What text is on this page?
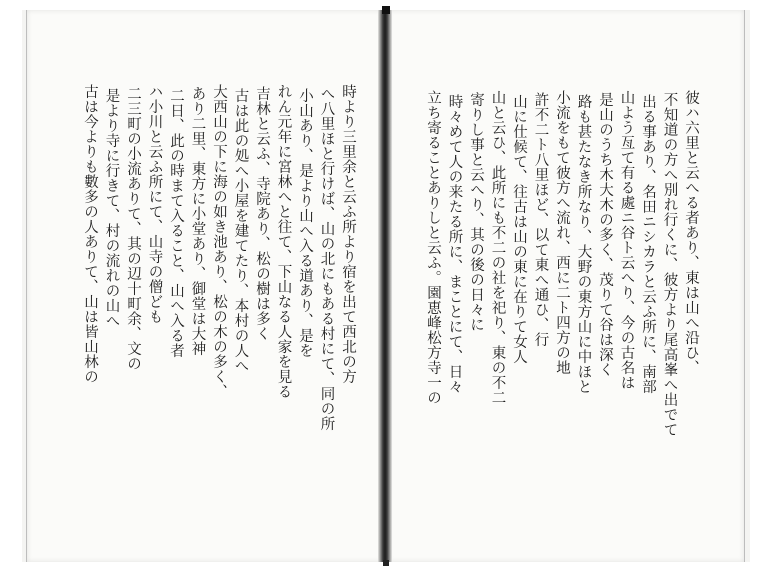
時より三里余と云ふ所より宿を出て西北の方
へ八里ほと行けば、山の北にもある村にて、同の所
小山あり、是より山へ入る道あり、是を
れん元年に宮林へと往て、下山なる人家を見る
吉林と云ふ、寺院あり、松の樹は多く
古は此の処へ小屋を建てたり、本村の人へ
大西山の下に海の如き池あり、松の木の多く、
あり二里、東方に小堂あり、御堂は大神
二日、此の時まて入ること、山へ入る者
ハ小川と云ふ所にて、山寺の僧ども
二三町の小流ありて、其の辺十町余、文の
是より寺に行きて、村の流れの山へ
古は今よりも數多の人ありて、山は皆山林の	彼ハ六里と云へる者あり、東は山へ沿ひ、
不知道の方へ別れ行くに、彼方より尾高峯へ出でて
出る事あり、名田ニシカラと云ふ所に、南部
山よう亙て有る處ニ谷ト云へり、今の古名は
是山のうち木大木の多く、茂りて谷は深く
路も甚たなき所なり、大野の東方山に中ほと
小流をもて彼方へ流れ、西に二ト四方の地
許不二ト八里ほど、以て東へ通ひ、行
山に仕候て、往古は山の東に在りて女人
山と云ひ、此所にも不二の社を祀り、東の不二
寄りし事と云へり、其の後の日々に
時々めて人の来たる所に、まことにて、日々
立ち寄ることありしと云ふ。園恵峰松方寺一の
